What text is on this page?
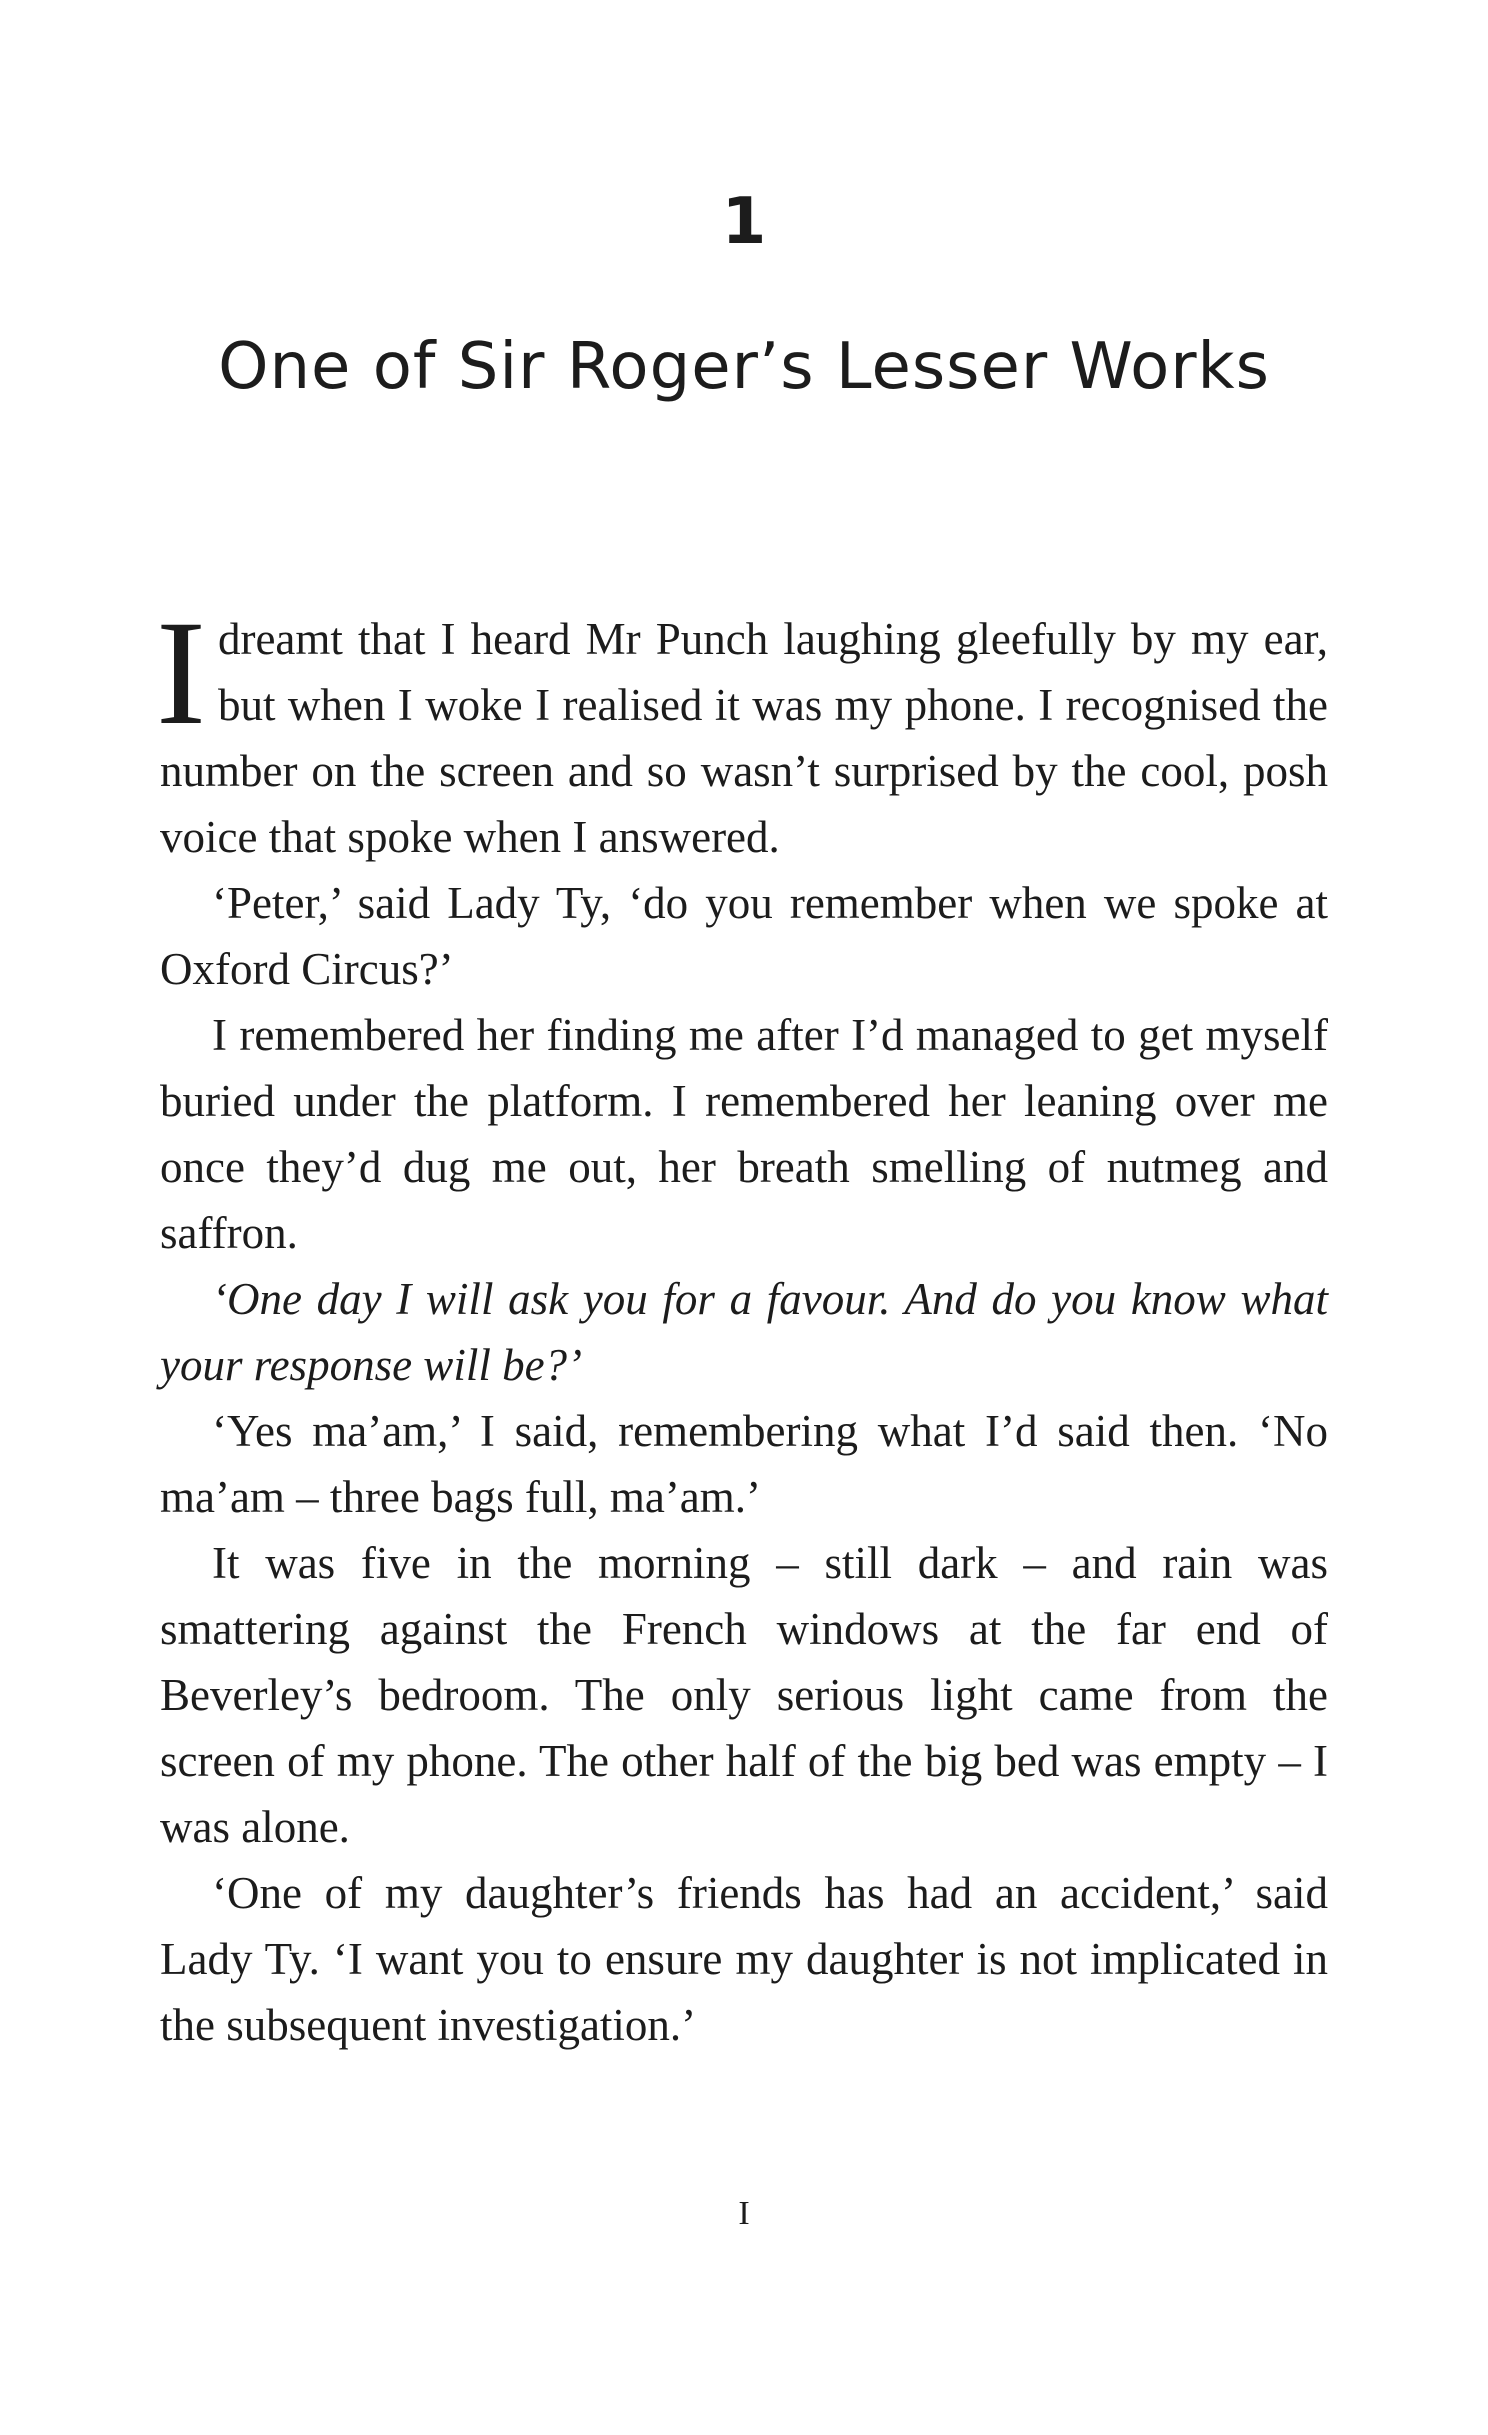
1
One of Sir Roger’s Lesser Works

Idreamt that I heard Mr Punch laughing gleefully by my ear, but when I woke I realised it was my phone. I recognised the number on the screen and so wasn’t surprised by the cool, posh voice that spoke when I answered.

‘Peter,’ said Lady Ty, ‘do you remember when we spoke at Oxford Circus?’

I remembered her finding me after I’d managed to get myself buried under the platform. I remembered her leaning over me once they’d dug me out, her breath smelling of nutmeg and saffron.

‘One day I will ask you for a favour. And do you know what your response will be?’

‘Yes ma’am,’ I said, remembering what I’d said then. ‘No ma’am – three bags full, ma’am.’

It was five in the morning – still dark – and rain was smattering against the French windows at the far end of Beverley’s bedroom. The only serious light came from the screen of my phone. The other half of the big bed was empty – I was alone.

‘One of my daughter’s friends has had an accident,’ said Lady Ty. ‘I want you to ensure my daughter is not implicated in the subsequent investigation.’

I
